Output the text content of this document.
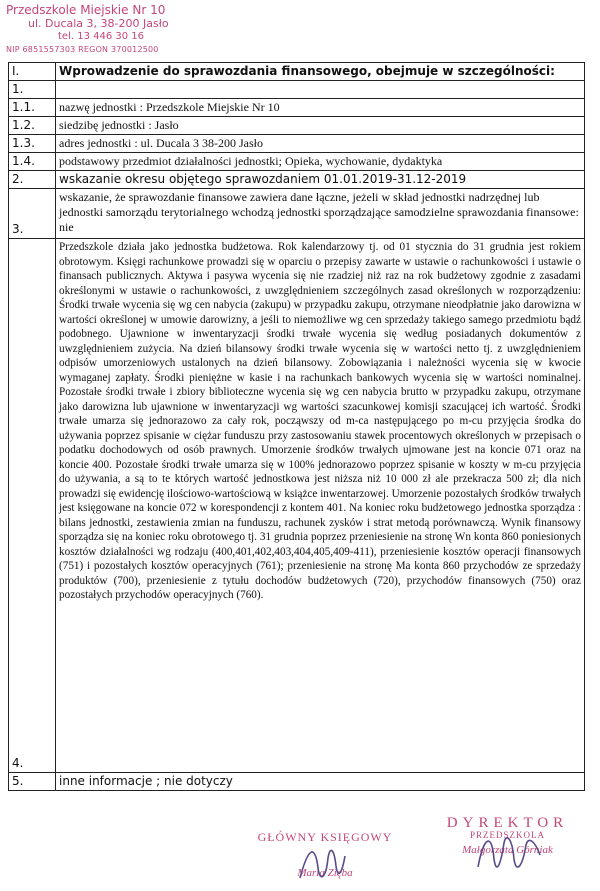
Przedszkole Miejskie Nr 10
ul. Ducala 3, 38-200 Jasło
tel. 13 446 30 16
NIP 6851557303 REGON 370012500
I.	Wprowadzenie do sprawozdania finansowego, obejmuje w szczególności:
1.	
1.1.	nazwę jednostki : Przedszkole Miejskie Nr 10
1.2.	siedzibę jednostki : Jasło
1.3.	adres jednostki : ul. Ducala 3 38-200 Jasło
1.4.	podstawowy przedmiot działalności jednostki; Opieka, wychowanie, dydaktyka
2.	wskazanie okresu objętego sprawozdaniem 01.01.2019-31.12-2019
3.	wskazanie, że sprawozdanie finansowe zawiera dane łączne, jeżeli w skład jednostki nadrzędnej lub jednostki samorządu terytorialnego wchodzą jednostki sporządzające samodzielne sprawozdania finansowe: nie
4.	Przedszkole działa jako jednostka budżetowa. Rok kalendarzowy tj. od 01 stycznia do 31 grudnia jest rokiem obrotowym. Księgi rachunkowe prowadzi się w oparciu o przepisy zawarte w ustawie o rachunkowości i ustawie o finansach publicznych. Aktywa i pasywa wycenia się nie rzadziej niż raz na rok budżetowy zgodnie z zasadami określonymi w ustawie o rachunkowości, z uwzględnieniem szczególnych zasad określonych w rozporządzeniu: Środki trwałe wycenia się wg cen nabycia (zakupu) w przypadku zakupu, otrzymane nieodpłatnie jako darowizna w wartości określonej w umowie darowizny, a jeśli to niemożliwe wg cen sprzedaży takiego samego przedmiotu bądź podobnego. Ujawnione w inwentaryzacji środki trwałe wycenia się według posiadanych dokumentów z uwzględnieniem zużycia. Na dzień bilansowy środki trwałe wycenia się w wartości netto tj. z uwzględnieniem odpisów umorzeniowych ustalonych na dzień bilansowy. Zobowiązania i należności wycenia się w kwocie wymaganej zapłaty. Środki pieniężne w kasie i na rachunkach bankowych wycenia się w wartości nominalnej. Pozostałe środki trwałe i zbiory biblioteczne wycenia się wg cen nabycia brutto w przypadku zakupu, otrzymane jako darowizna lub ujawnione w inwentaryzacji wg wartości szacunkowej komisji szacującej ich wartość. Środki trwałe umarza się jednorazowo za cały rok, począwszy od m-ca następującego po m-cu przyjęcia środka do używania poprzez spisanie w ciężar funduszu przy zastosowaniu stawek procentowych określonych w przepisach o podatku dochodowych od osób prawnych. Umorzenie środków trwałych ujmowane jest na koncie 071 oraz na koncie 400. Pozostałe środki trwałe umarza się w 100% jednorazowo poprzez spisanie w koszty w m-cu przyjęcia do używania, a są to te których wartość jednostkowa jest niższa niż 10 000 zł ale przekracza 500 zł; dla nich prowadzi się ewidencję ilościowo-wartościową w książce inwentarzowej. Umorzenie pozostałych środków trwałych jest księgowane na koncie 072 w korespondencji z kontem 401. Na koniec roku budżetowego jednostka sporządza : bilans jednostki, zestawienia zmian na funduszu, rachunek zysków i strat metodą porównawczą. Wynik finansowy sporządza się na koniec roku obrotowego tj. 31 grudnia poprzez przeniesienie na stronę Wn konta 860 poniesionych kosztów działalności wg rodzaju (400,401,402,403,404,405,409-411), przeniesienie kosztów operacji finansowych (751) i pozostałych kosztów operacyjnych (761); przeniesienie na stronę Ma konta 860 przychodów ze sprzedaży produktów (700), przeniesienie z tytułu dochodów budżetowych (720), przychodów finansowych (750) oraz pozostałych przychodów operacyjnych (760).
5.	inne informacje ; nie dotyczy
GŁÓWNY KSIĘGOWY
Maria Zięba
DYREKTOR
PRZEDSZKOLA
Małgorzata Górniak
